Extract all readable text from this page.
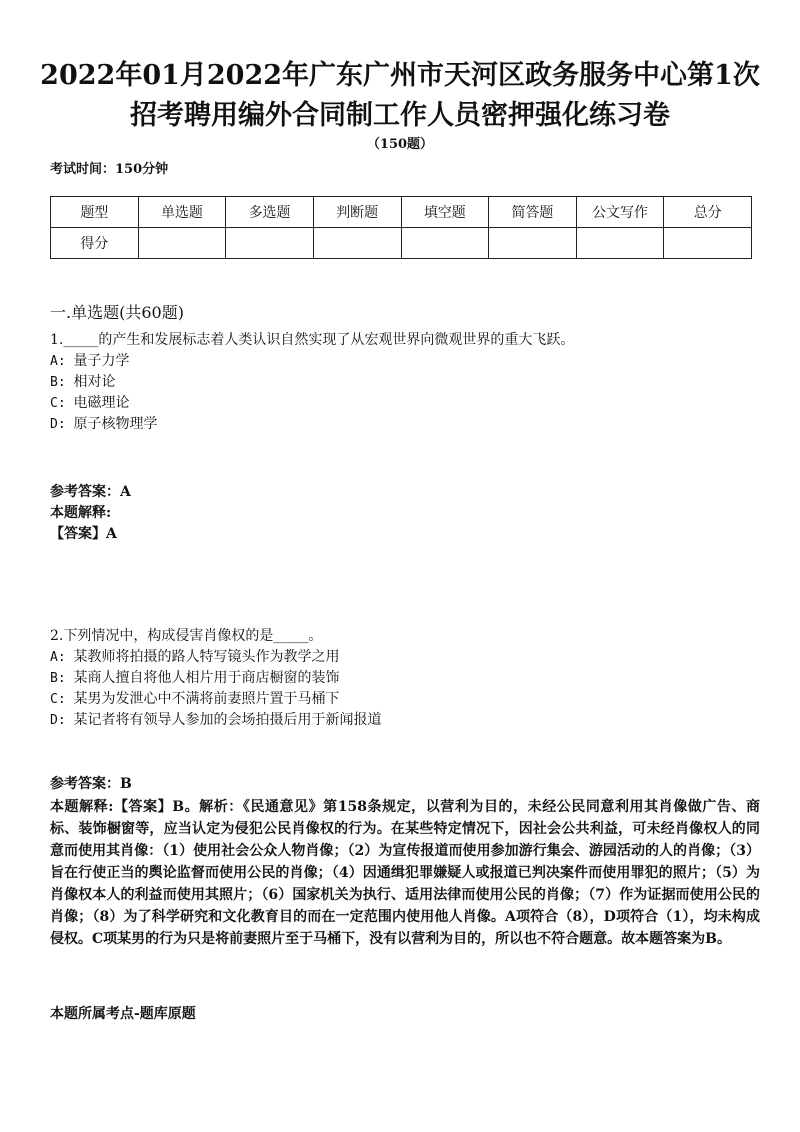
2022年01月2022年广东广州市天河区政务服务中心第1次招考聘用编外合同制工作人员密押强化练习卷
（150题）
考试时间：150分钟
题型	单选题	多选题	判断题	填空题	简答题	公文写作	总分
得分							
一.单选题(共60题)
1._____的产生和发展标志着人类认识自然实现了从宏观世界向微观世界的重大飞跃。
A: 量子力学
B: 相对论
C: 电磁理论
D: 原子核物理学
参考答案：A
本题解释:
【答案】A
2.下列情况中，构成侵害肖像权的是_____。
A: 某教师将拍摄的路人特写镜头作为教学之用
B: 某商人擅自将他人相片用于商店橱窗的装饰
C: 某男为发泄心中不满将前妻照片置于马桶下
D: 某记者将有领导人参加的会场拍摄后用于新闻报道
参考答案：B
本题解释:【答案】B。解析：《民通意见》第158条规定，以营利为目的，未经公民同意利用其肖像做广告、商标、装饰橱窗等，应当认定为侵犯公民肖像权的行为。在某些特定情况下，因社会公共利益，可未经肖像权人的同意而使用其肖像：（1）使用社会公众人物肖像；（2）为宣传报道而使用参加游行集会、游园活动的人的肖像；（3）旨在行使正当的舆论监督而使用公民的肖像；（4）因通缉犯罪嫌疑人或报道已判决案件而使用罪犯的照片；（5）为肖像权本人的利益而使用其照片；（6）国家机关为执行、适用法律而使用公民的肖像；（7）作为证据而使用公民的肖像；（8）为了科学研究和文化教育目的而在一定范围内使用他人肖像。A项符合（8），D项符合（1），均未构成侵权。C项某男的行为只是将前妻照片至于马桶下，没有以营利为目的，所以也不符合题意。故本题答案为B。
本题所属考点-题库原题
